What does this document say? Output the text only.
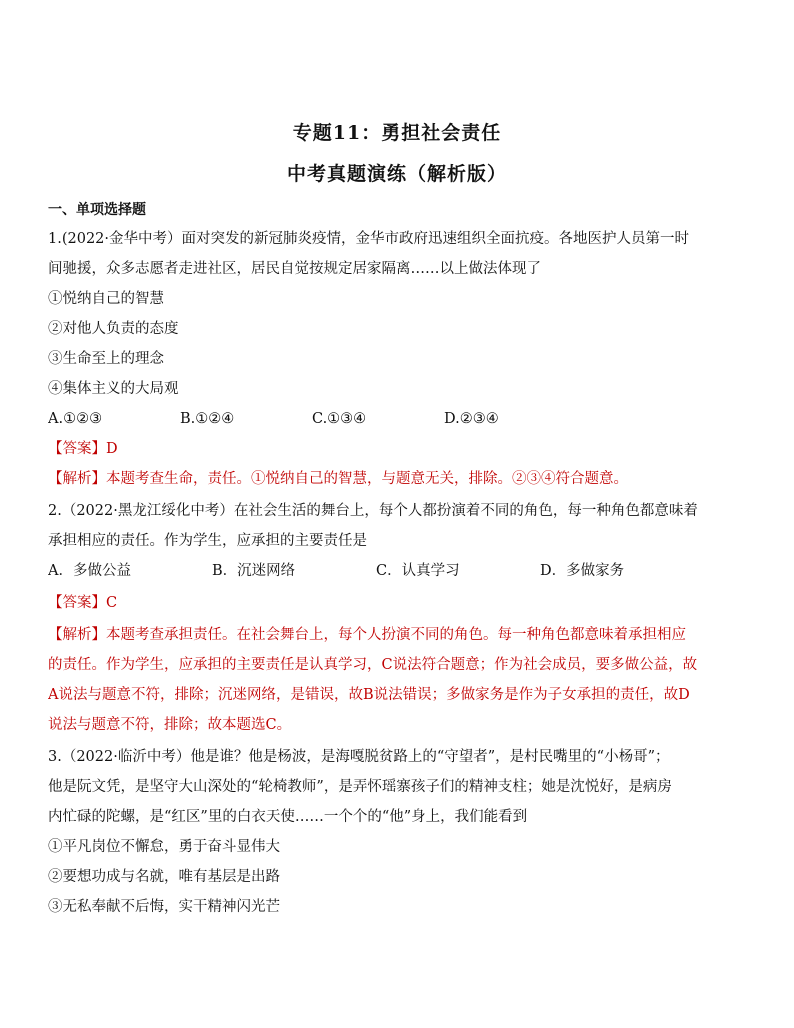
专题11：勇担社会责任
中考真题演练（解析版）
一、单项选择题
1.(2022·金华中考）面对突发的新冠肺炎疫情，金华市政府迅速组织全面抗疫。各地医护人员第一时
间驰援，众多志愿者走进社区，居民自觉按规定居家隔离……以上做法体现了
①悦纳自己的智慧
②对他人负责的态度
③生命至上的理念
④集体主义的大局观
A.①②③	B.①②④	C.①③④	D.②③④
【答案】D
【解析】本题考查生命，责任。①悦纳自己的智慧，与题意无关，排除。②③④符合题意。
2.（2022·黑龙江绥化中考）在社会生活的舞台上，每个人都扮演着不同的角色，每一种角色都意味着
承担相应的责任。作为学生，应承担的主要责任是
A．多做公益	B．沉迷网络	C．认真学习	D．多做家务
【答案】C
【解析】本题考查承担责任。在社会舞台上，每个人扮演不同的角色。每一种角色都意味着承担相应
的责任。作为学生，应承担的主要责任是认真学习，C说法符合题意；作为社会成员，要多做公益，故
A说法与题意不符，排除；沉迷网络，是错误，故B说法错误；多做家务是作为子女承担的责任，故D
说法与题意不符，排除；故本题选C。
3.（2022·临沂中考）他是谁？他是杨波，是海嘎脱贫路上的“守望者”，是村民嘴里的“小杨哥”；
他是阮文凭，是坚守大山深处的“轮椅教师”，是弄怀瑶寨孩子们的精神支柱；她是沈悦好，是病房
内忙碌的陀螺，是“红区”里的白衣天使……一个个的“他”身上，我们能看到
①平凡岗位不懈怠，勇于奋斗显伟大
②要想功成与名就，唯有基层是出路
③无私奉献不后悔，实干精神闪光芒
